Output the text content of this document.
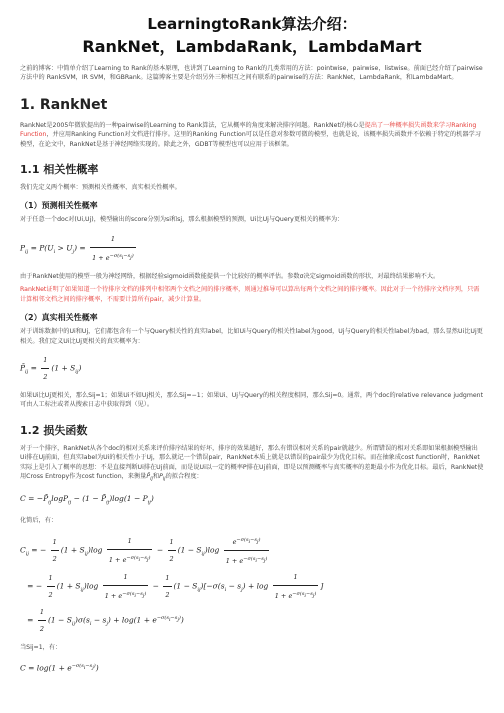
LearningtoRank算法介绍：
RankNet，LambdaRank，LambdaMart

之前的博客：中简单介绍了Learning to Rank的基本原理，也讲到了Learning to Rank的几类常用的方法：pointwise，pairwise，listwise。前面已经介绍了pairwise方法中的 RankSVM，IR SVM，和GBRank。这篇博客主要是介绍另外三种相互之间有联系的pairwise的方法：RankNet，LambdaRank，和LambdaMart。

1. RankNet

RankNet是2005年微软提出的一种pairwise的Learning to Rank算法，它从概率的角度来解决排序问题。RankNet的核心是提出了一种概率损失函数来学习Ranking Function，并应用Ranking Function对文档进行排序。这里的Ranking Function可以是任意对参数可微的模型，也就是说，该概率损失函数并不依赖于特定的机器学习模型，在论文中，RankNet是基于神经网络实现的。除此之外，GDBT等模型也可以应用于该框架。

1.1 相关性概率

我们先定义两个概率：预测相关性概率、真实相关性概率。

（1）预测相关性概率

对于任意一个doc对(Ui,Uj)，模型输出的score分别为si和sj，那么根据模型的预测，Ui比Uj与Query更相关的概率为：

$P_{ij} = P(U_i > U_j) = \frac{1}{1 + e^{-\sigma(si-sj)}}$

由于RankNet使用的模型一般为神经网络，根据经验sigmoid函数能提供一个比较好的概率评估。参数σ决定sigmoid函数的形状，对最终结果影响不大。

RankNet证明了如果知道一个待排序文档的排列中相邻两个文档之间的排序概率，则通过推导可以算出每两个文档之间的排序概率。因此对于一个待排序文档序列，只需计算相邻文档之间的排序概率，不需要计算所有pair，减少计算量。

（2）真实相关性概率

对于训练数据中的Ui和Uj，它们都包含有一个与Query相关性的真实label，比如Ui与Query的相关性label为good，Uj与Query的相关性label为bad，那么显然Ui比Uj更相关。我们定义Ui比Uj更相关的真实概率为：

$P̄_{ij} = \frac{1}{2} (1 + S_{ij})$

如果Ui比Uj更相关，那么Sij=1；如果Ui不如Uj相关，那么Sij=−1；如果Ui、Uj与Query的相关程度相同，那么Sij=0。通常，两个doc的relative relevance judgment可由人工标注或者从搜索日志中获取得到（见）。

1.2 损失函数

对于一个排序，RankNet从各个doc的相对关系来评价排序结果的好坏，排序的效果越好，那么有错误相对关系的pair就越少。所谓错误的相对关系即如果根据模型输出Ui排在Uj前面，但真实label为Ui的相关性小于Uj，那么就记一个错误pair，RankNet本质上就是以错误的pair最少为优化目标。而在抽象成cost function时，RankNet实际上是引入了概率的思想：不是直接判断Ui排在Uj前面，而是说Ui以一定的概率P排在Uj前面，即是以预测概率与真实概率的差距最小作为优化目标。最后，RankNet使用Cross Entropy作为cost function，来衡量$P̄_{ij}$和$P_{ij}$的拟合程度：

$C = -P̄_{ij}\log P_{ij} - (1$ − $P̄_{ij})\log(1 - P_{ij})$

化简后，有：

$C_{ij}$ = − $\frac{1}{2} (1 + S_{ij})\log \frac{1}{1 + e^{-\sigma(si-sj)}} - \frac{1}{2} (1 - S_{ij})\log \frac{e^{-\sigma(si-sj)}}{1 + e^{-\sigma(si-sj)}}$
= − $\frac{1}{2} (1 + S_{ij})\log \frac{1}{1 + e^{-\sigma(si-sj)}} - \frac{1}{2} (1 - S_{ij})[-\sigma(s_i - s_j) + \log \frac{1}{1 + e^{-\sigma(si-sj)}}$ ]
= $\frac{1}{2} (1 - S_{ij})\sigma(s_i - s_j) + \log(1 + e^{-\sigma(si-sj)})$

当Sij=1，有：

$C = \log(1 + e^{-\sigma(si-sj)})$
